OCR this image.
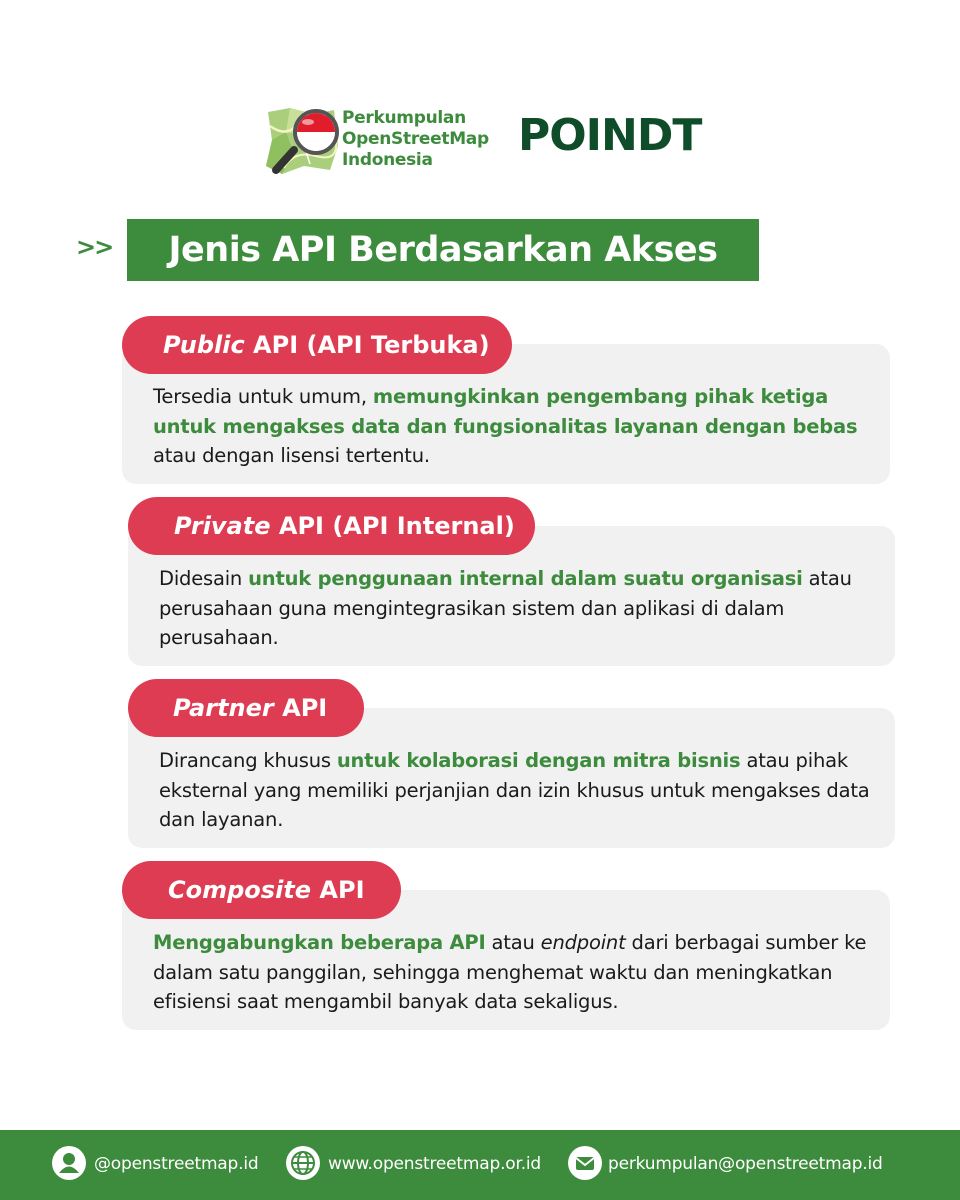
Perkumpulan
OpenStreetMap
Indonesia	POINDT
>>	Jenis API Berdasarkan Akses
Tersedia untuk umum, memungkinkan pengembang pihak ketiga untuk mengakses data dan fungsionalitas layanan dengan bebas atau dengan lisensi tertentu.
Public API (API Terbuka)
Didesain untuk penggunaan internal dalam suatu organisasi atau perusahaan guna mengintegrasikan sistem dan aplikasi di dalam perusahaan.
Private API (API Internal)
Dirancang khusus untuk kolaborasi dengan mitra bisnis atau pihak eksternal yang memiliki perjanjian dan izin khusus untuk mengakses data dan layanan.
Partner API
Menggabungkan beberapa API atau endpoint dari berbagai sumber ke dalam satu panggilan, sehingga menghemat waktu dan meningkatkan efisiensi saat mengambil banyak data sekaligus.
Composite API
@openstreetmap.id	www.openstreetmap.or.id	perkumpulan@openstreetmap.id
